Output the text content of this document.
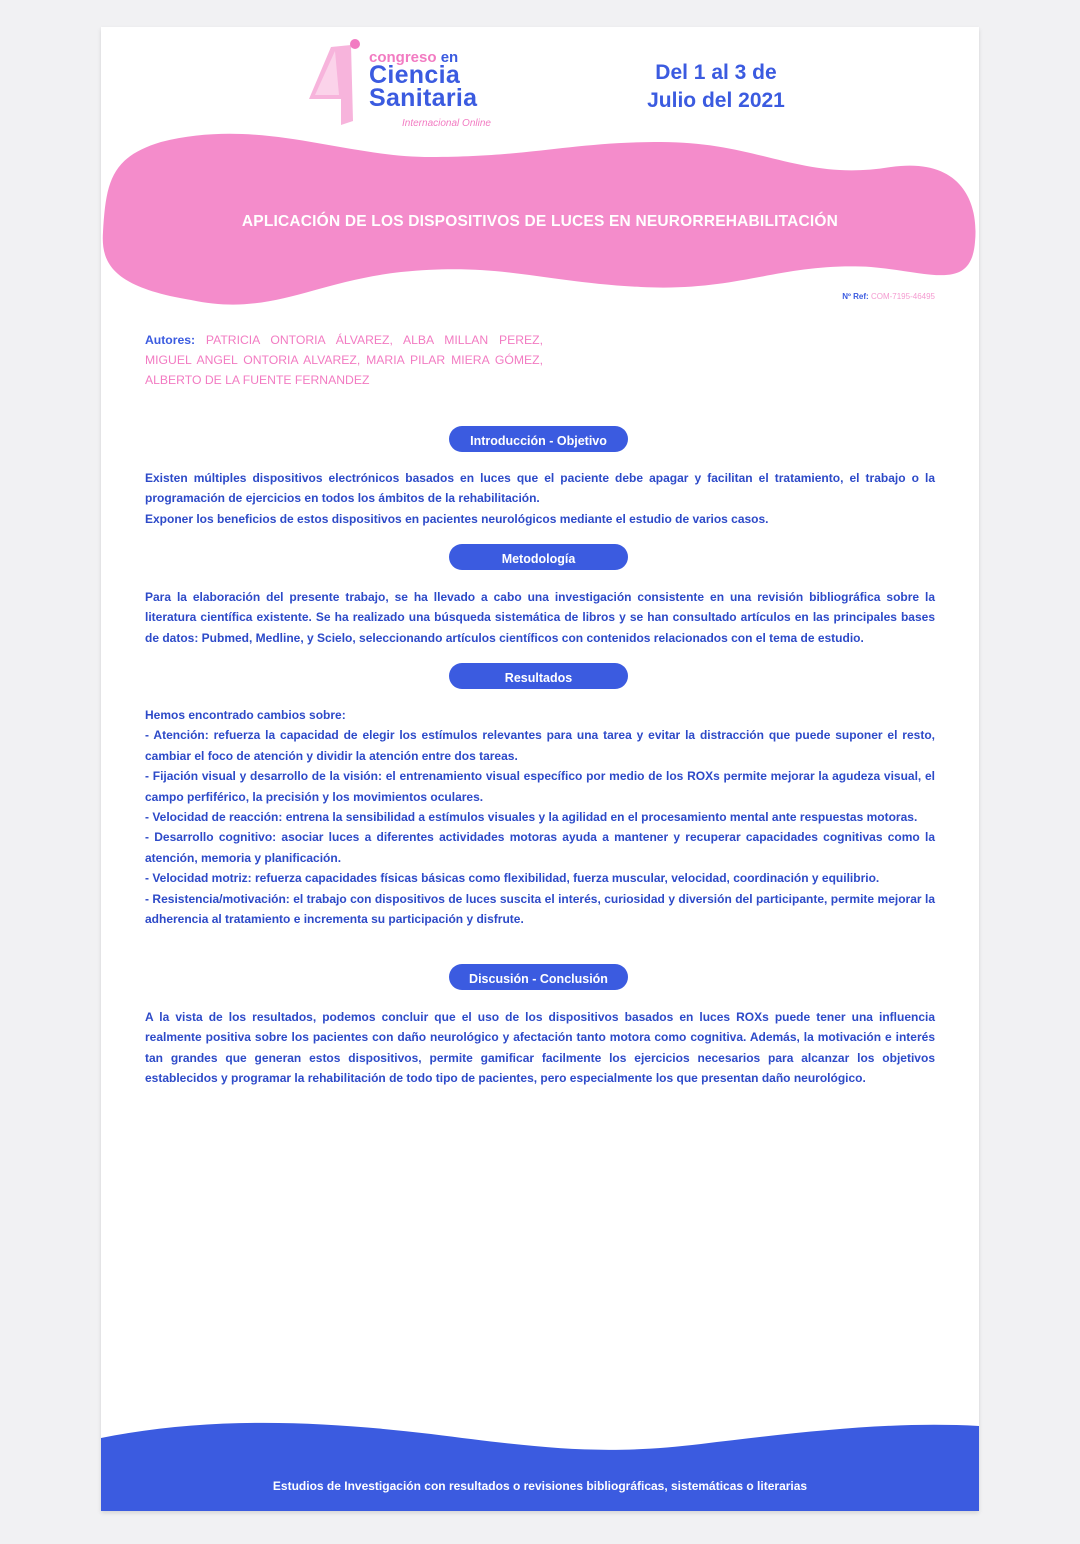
congreso en
Ciencia
Sanitaria
Internacional Online
Del 1 al 3 de
Julio del 2021
APLICACIÓN DE LOS DISPOSITIVOS DE LUCES EN NEURORREHABILITACIÓN
Nº Ref: COM-7195-46495
Autores: PATRICIA ONTORIA ÁLVAREZ, ALBA MILLAN PEREZ, MIGUEL ANGEL ONTORIA ALVAREZ, MARIA PILAR MIERA GÓMEZ, ALBERTO DE LA FUENTE FERNANDEZ
Introducción - Objetivo
Existen múltiples dispositivos electrónicos basados en luces que el paciente debe apagar y facilitan el tratamiento, el trabajo o la programación de ejercicios en todos los ámbitos de la rehabilitación.
Exponer los beneficios de estos dispositivos en pacientes neurológicos mediante el estudio de varios casos.
Metodología
Para la elaboración del presente trabajo, se ha llevado a cabo una investigación consistente en una revisión bibliográfica sobre la literatura científica existente. Se ha realizado una búsqueda sistemática de libros y se han consultado artículos en las principales bases de datos: Pubmed, Medline, y Scielo, seleccionando artículos científicos con contenidos relacionados con el tema de estudio.
Resultados
Hemos encontrado cambios sobre:
- Atención: refuerza la capacidad de elegir los estímulos relevantes para una tarea y evitar la distracción que puede suponer el resto, cambiar el foco de atención y dividir la atención entre dos tareas.
- Fijación visual y desarrollo de la visión: el entrenamiento visual específico por medio de los ROXs permite mejorar la agudeza visual, el campo perfiférico, la precisión y los movimientos oculares.
- Velocidad de reacción: entrena la sensibilidad a estímulos visuales y la agilidad en el procesamiento mental ante respuestas motoras.
- Desarrollo cognitivo: asociar luces a diferentes actividades motoras ayuda a mantener y recuperar capacidades cognitivas como la atención, memoria y planificación.
- Velocidad motriz: refuerza capacidades físicas básicas como flexibilidad, fuerza muscular, velocidad, coordinación y equilibrio.
- Resistencia/motivación: el trabajo con dispositivos de luces suscita el interés, curiosidad y diversión del participante, permite mejorar la adherencia al tratamiento e incrementa su participación y disfrute.
Discusión - Conclusión
A la vista de los resultados, podemos concluir que el uso de los dispositivos basados en luces ROXs puede tener una influencia realmente positiva sobre los pacientes con daño neurológico y afectación tanto motora como cognitiva. Además, la motivación e interés tan grandes que generan estos dispositivos, permite gamificar facilmente los ejercicios necesarios para alcanzar los objetivos establecidos y programar la rehabilitación de todo tipo de pacientes, pero especialmente los que presentan daño neurológico.
Estudios de Investigación con resultados o revisiones bibliográficas, sistemáticas o literarias
